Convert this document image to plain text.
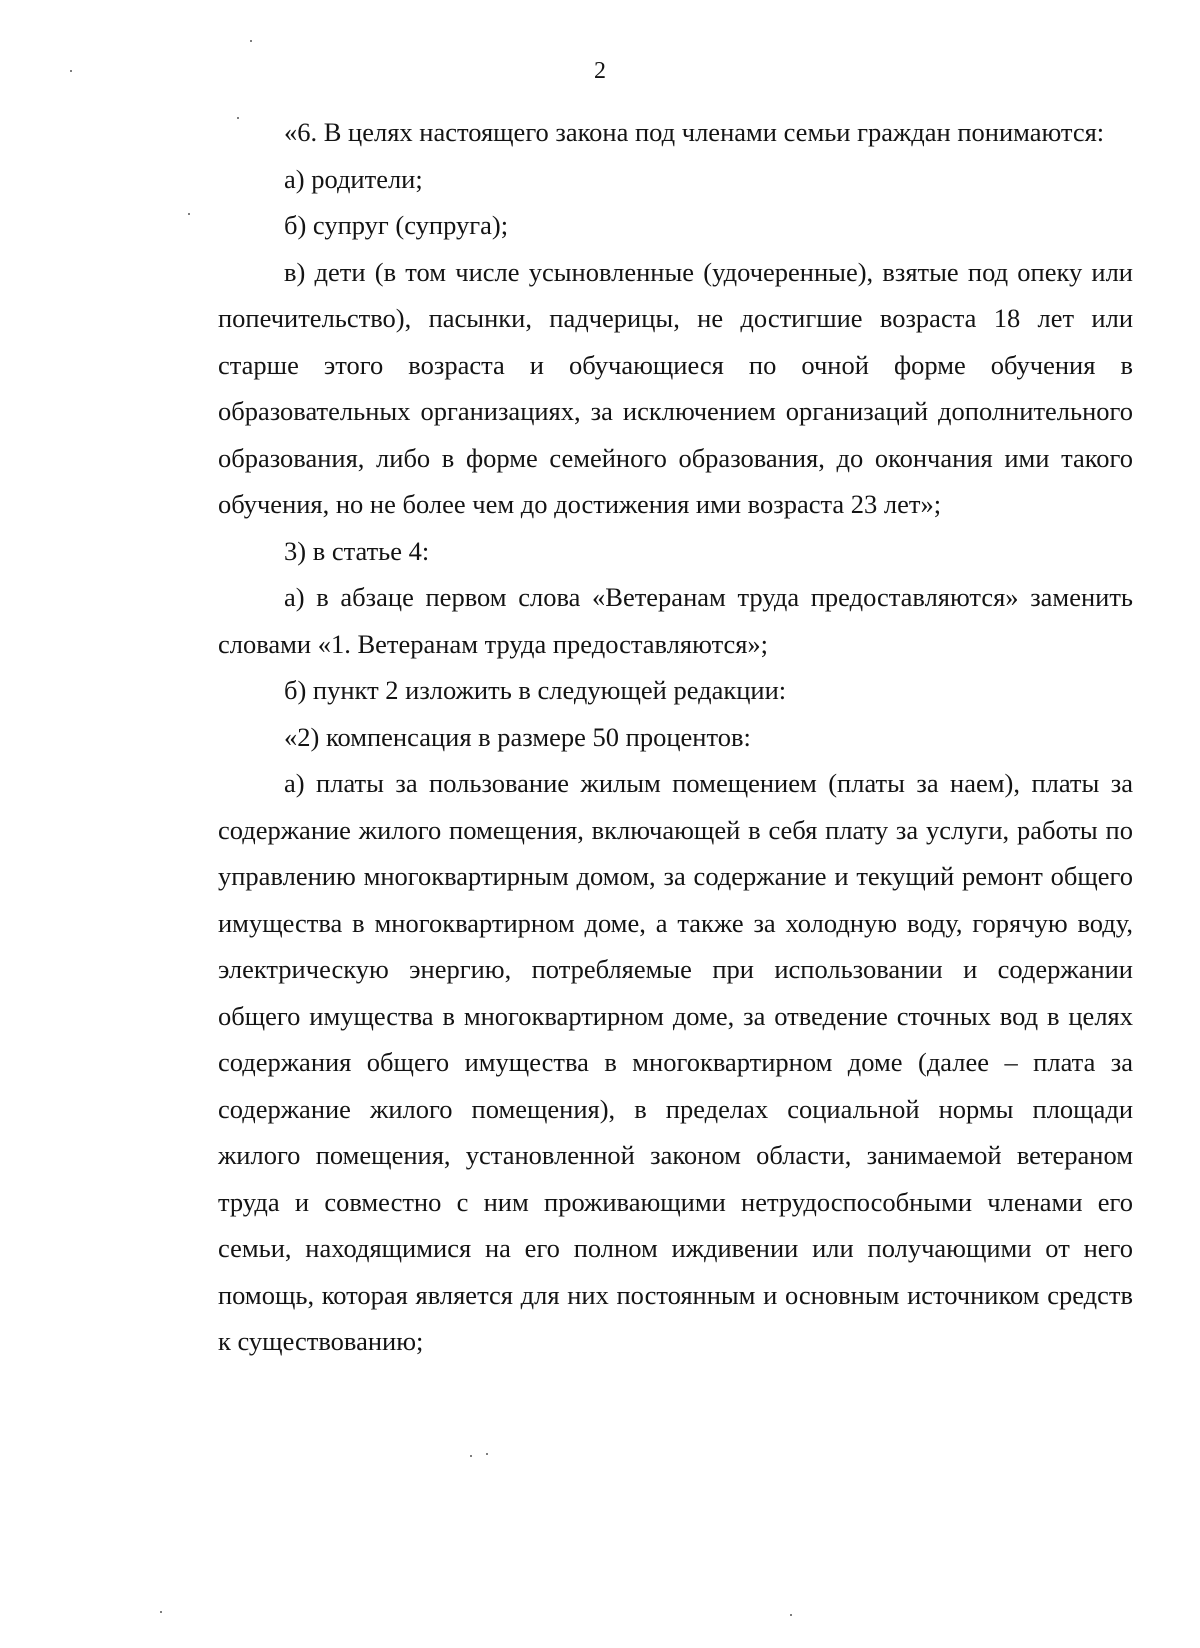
2

«6. В целях настоящего закона под членами семьи граждан понимаются:

а) родители;

б) супруг (супруга);

в) дети (в том числе усыновленные (удочеренные), взятые под опеку или попечительство), пасынки, падчерицы, не достигшие возраста 18 лет или старше этого возраста и обучающиеся по очной форме обучения в образовательных организациях, за исключением организаций дополнительного образования, либо в форме семейного образования, до окончания ими такого обучения, но не более чем до достижения ими возраста 23 лет»;

3) в статье 4:

а) в абзаце первом слова «Ветеранам труда предоставляются» заменить словами «1. Ветеранам труда предоставляются»;

б) пункт 2 изложить в следующей редакции:

«2) компенсация в размере 50 процентов:

а) платы за пользование жилым помещением (платы за наем), платы за содержание жилого помещения, включающей в себя плату за услуги, работы по управлению многоквартирным домом, за содержание и текущий ремонт общего имущества в многоквартирном доме, а также за холодную воду, горячую воду, электрическую энергию, потребляемые при использовании и содержании общего имущества в многоквартирном доме, за отведение сточных вод в целях содержания общего имущества в многоквартирном доме (далее – плата за содержание жилого помещения), в пределах социальной нормы площади жилого помещения, установленной законом области, занимаемой ветераном труда и совместно с ним проживающими нетрудоспособными членами его семьи, находящимися на его полном иждивении или получающими от него помощь, которая является для них постоянным и основным источником средств к существованию;
